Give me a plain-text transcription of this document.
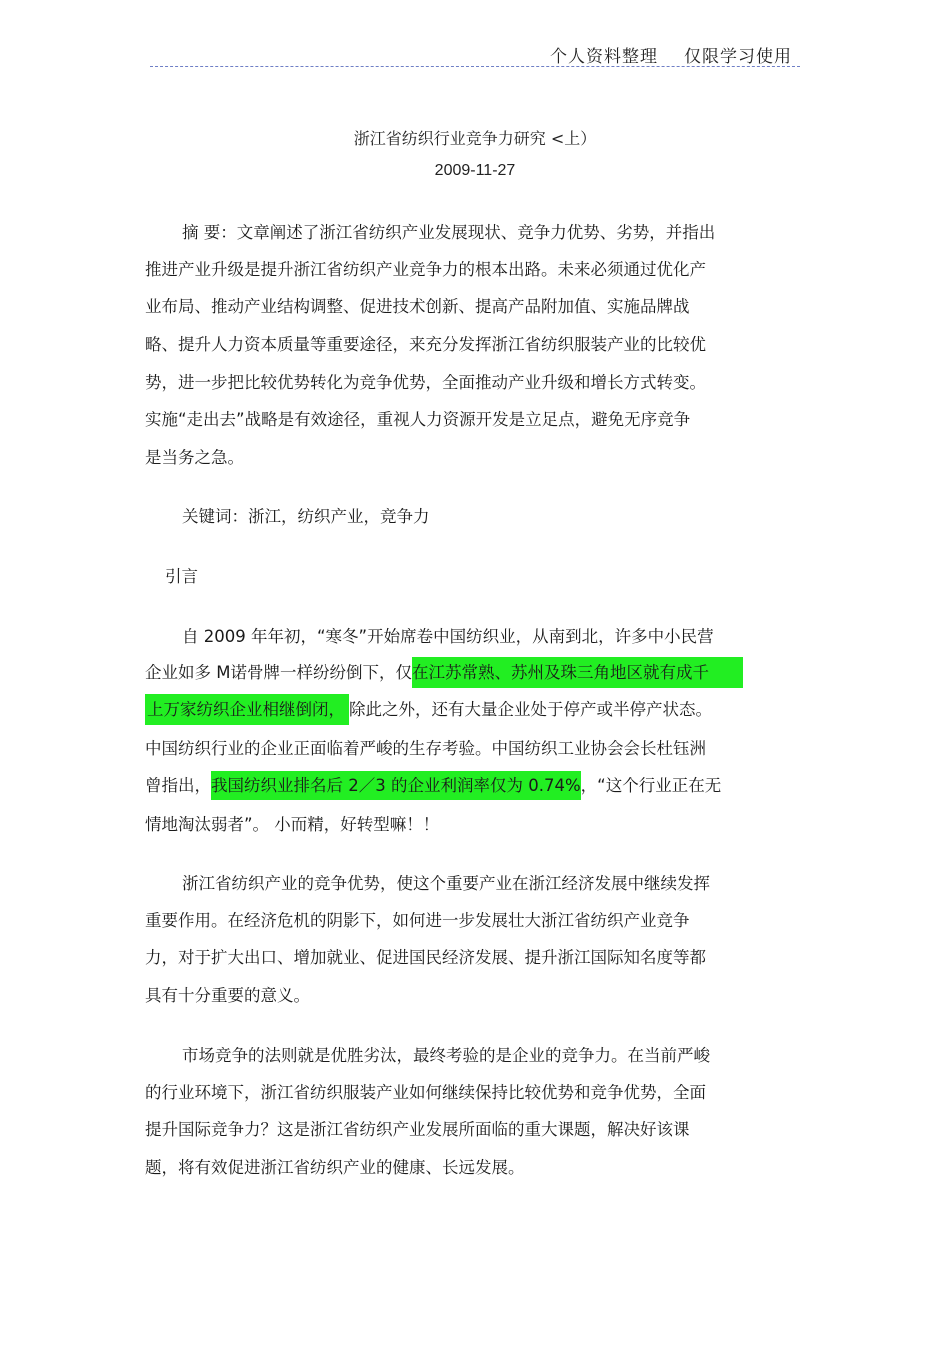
个人资料整理 仅限学习使用
浙江省纺织行业竞争力研究 <上）
2009-11-27
摘 要：文章阐述了浙江省纺织产业发展现状、竞争力优势、劣势，并指出
推进产业升级是提升浙江省纺织产业竞争力的根本出路。未来必须通过优化产
业布局、推动产业结构调整、促进技术创新、提高产品附加值、实施品牌战
略、提升人力资本质量等重要途径，来充分发挥浙江省纺织服装产业的比较优
势，进一步把比较优势转化为竞争优势，全面推动产业升级和增长方式转变。
实施“走出去”战略是有效途径，重视人力资源开发是立足点，避免无序竞争
是当务之急。
关键词：浙江，纺织产业，竞争力
引言
自 2009 年年初，“寒冬”开始席卷中国纺织业，从南到北，许多中小民营
企业如多 M诺骨牌一样纷纷倒下，仅在江苏常熟、苏州及珠三角地区就有成千
上万家纺织企业相继倒闭， 除此之外，还有大量企业处于停产或半停产状态。
中国纺织行业的企业正面临着严峻的生存考验。中国纺织工业协会会长杜钰洲
曾指出，我国纺织业排名后 2／3 的企业利润率仅为 0.74%，“这个行业正在无
情地淘汰弱者”。 小而精，好转型嘛！！
浙江省纺织产业的竞争优势，使这个重要产业在浙江经济发展中继续发挥
重要作用。在经济危机的阴影下，如何进一步发展壮大浙江省纺织产业竞争
力，对于扩大出口、增加就业、促进国民经济发展、提升浙江国际知名度等都
具有十分重要的意义。
市场竞争的法则就是优胜劣汰，最终考验的是企业的竞争力。在当前严峻
的行业环境下，浙江省纺织服装产业如何继续保持比较优势和竞争优势，全面
提升国际竞争力？这是浙江省纺织产业发展所面临的重大课题，解决好该课
题，将有效促进浙江省纺织产业的健康、长远发展。
